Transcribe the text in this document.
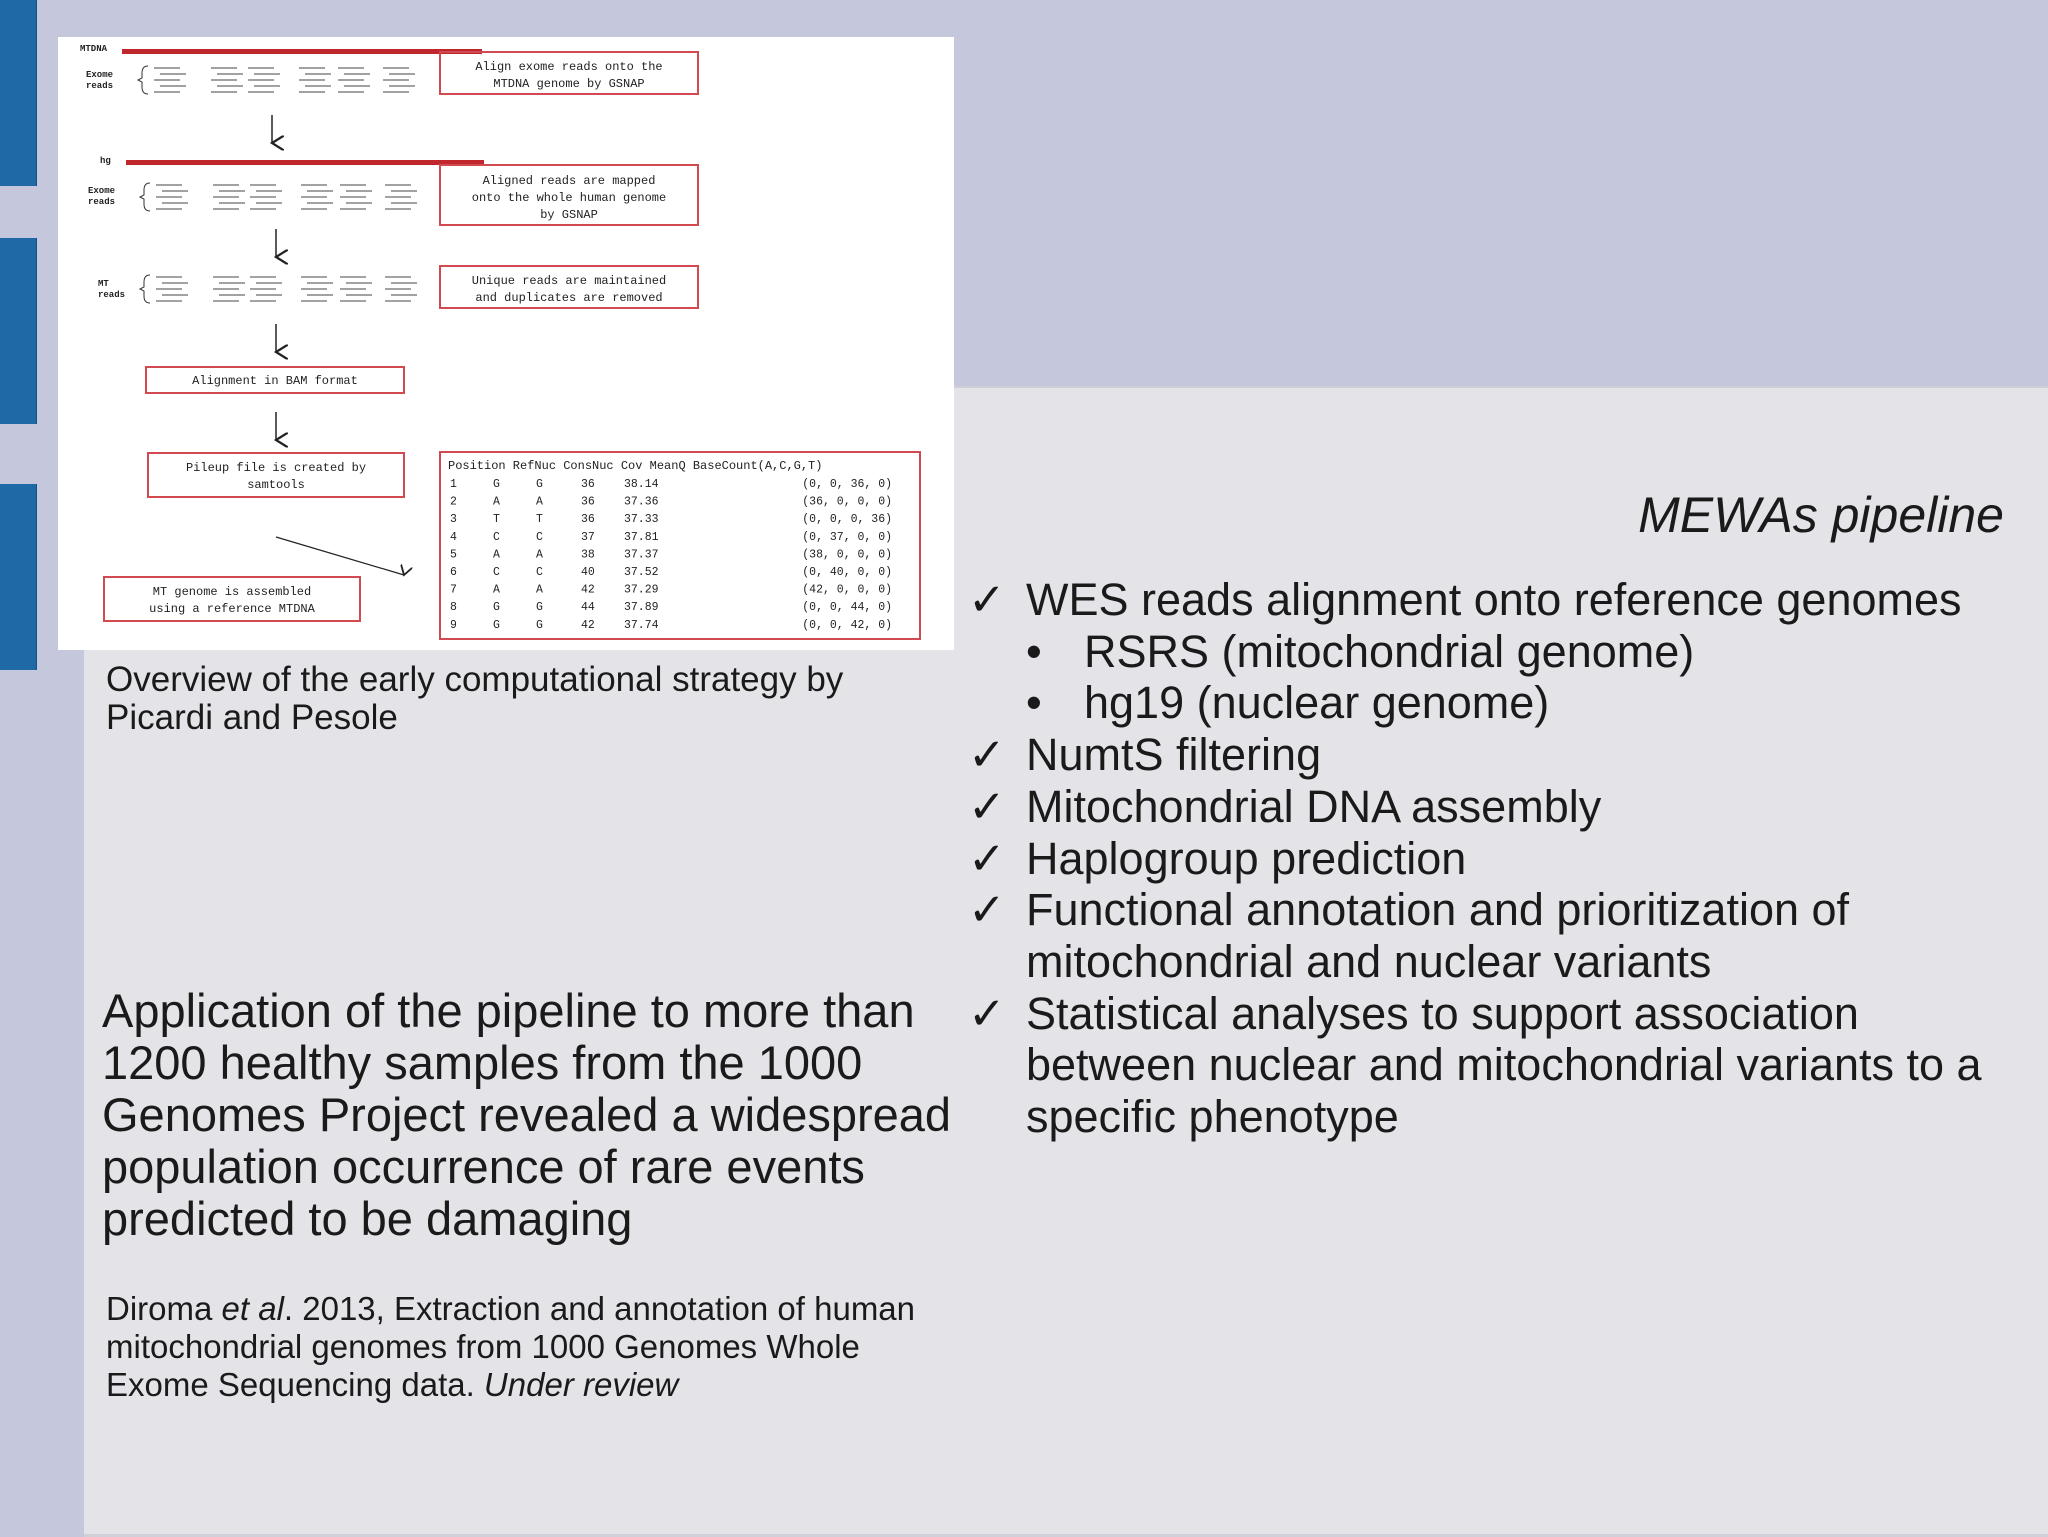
MTDNA
Exome reads
Align exome reads onto the
MTDNA genome by GSNAP
hg
Exome reads
Aligned reads are mapped
onto the whole human genome
by GSNAP
MT reads
Unique reads are maintained
and duplicates are removed
Alignment in BAM format
Pileup file is created by
samtools
MT genome is assembled
using a reference MTDNA
Position RefNuc ConsNuc Cov MeanQ BaseCount(A,C,G,T)
1	G	G	36	38.14	(0, 0, 36, 0)
2	A	A	36	37.36	(36, 0, 0, 0)
3	T	T	36	37.33	(0, 0, 0, 36)
4	C	C	37	37.81	(0, 37, 0, 0)
5	A	A	38	37.37	(38, 0, 0, 0)
6	C	C	40	37.52	(0, 40, 0, 0)
7	A	A	42	37.29	(42, 0, 0, 0)
8	G	G	44	37.89	(0, 0, 44, 0)
9	G	G	42	37.74	(0, 0, 42, 0)
Overview of the early computational strategy by Picardi and Pesole
Application of the pipeline to more than 1200 healthy samples from the 1000 Genomes Project revealed a widespread population occurrence of rare events predicted to be damaging
Diroma et al. 2013, Extraction and annotation of human mitochondrial genomes from 1000 Genomes Whole Exome Sequencing data. Under review
MEWAs pipeline
✓ WES reads alignment onto reference genomes
• RSRS (mitochondrial genome)
• hg19 (nuclear genome)
✓ NumtS filtering
✓ Mitochondrial DNA assembly
✓ Haplogroup prediction
✓ Functional annotation and prioritization of mitochondrial and nuclear variants
✓ Statistical analyses to support association between nuclear and mitochondrial variants to a specific phenotype
